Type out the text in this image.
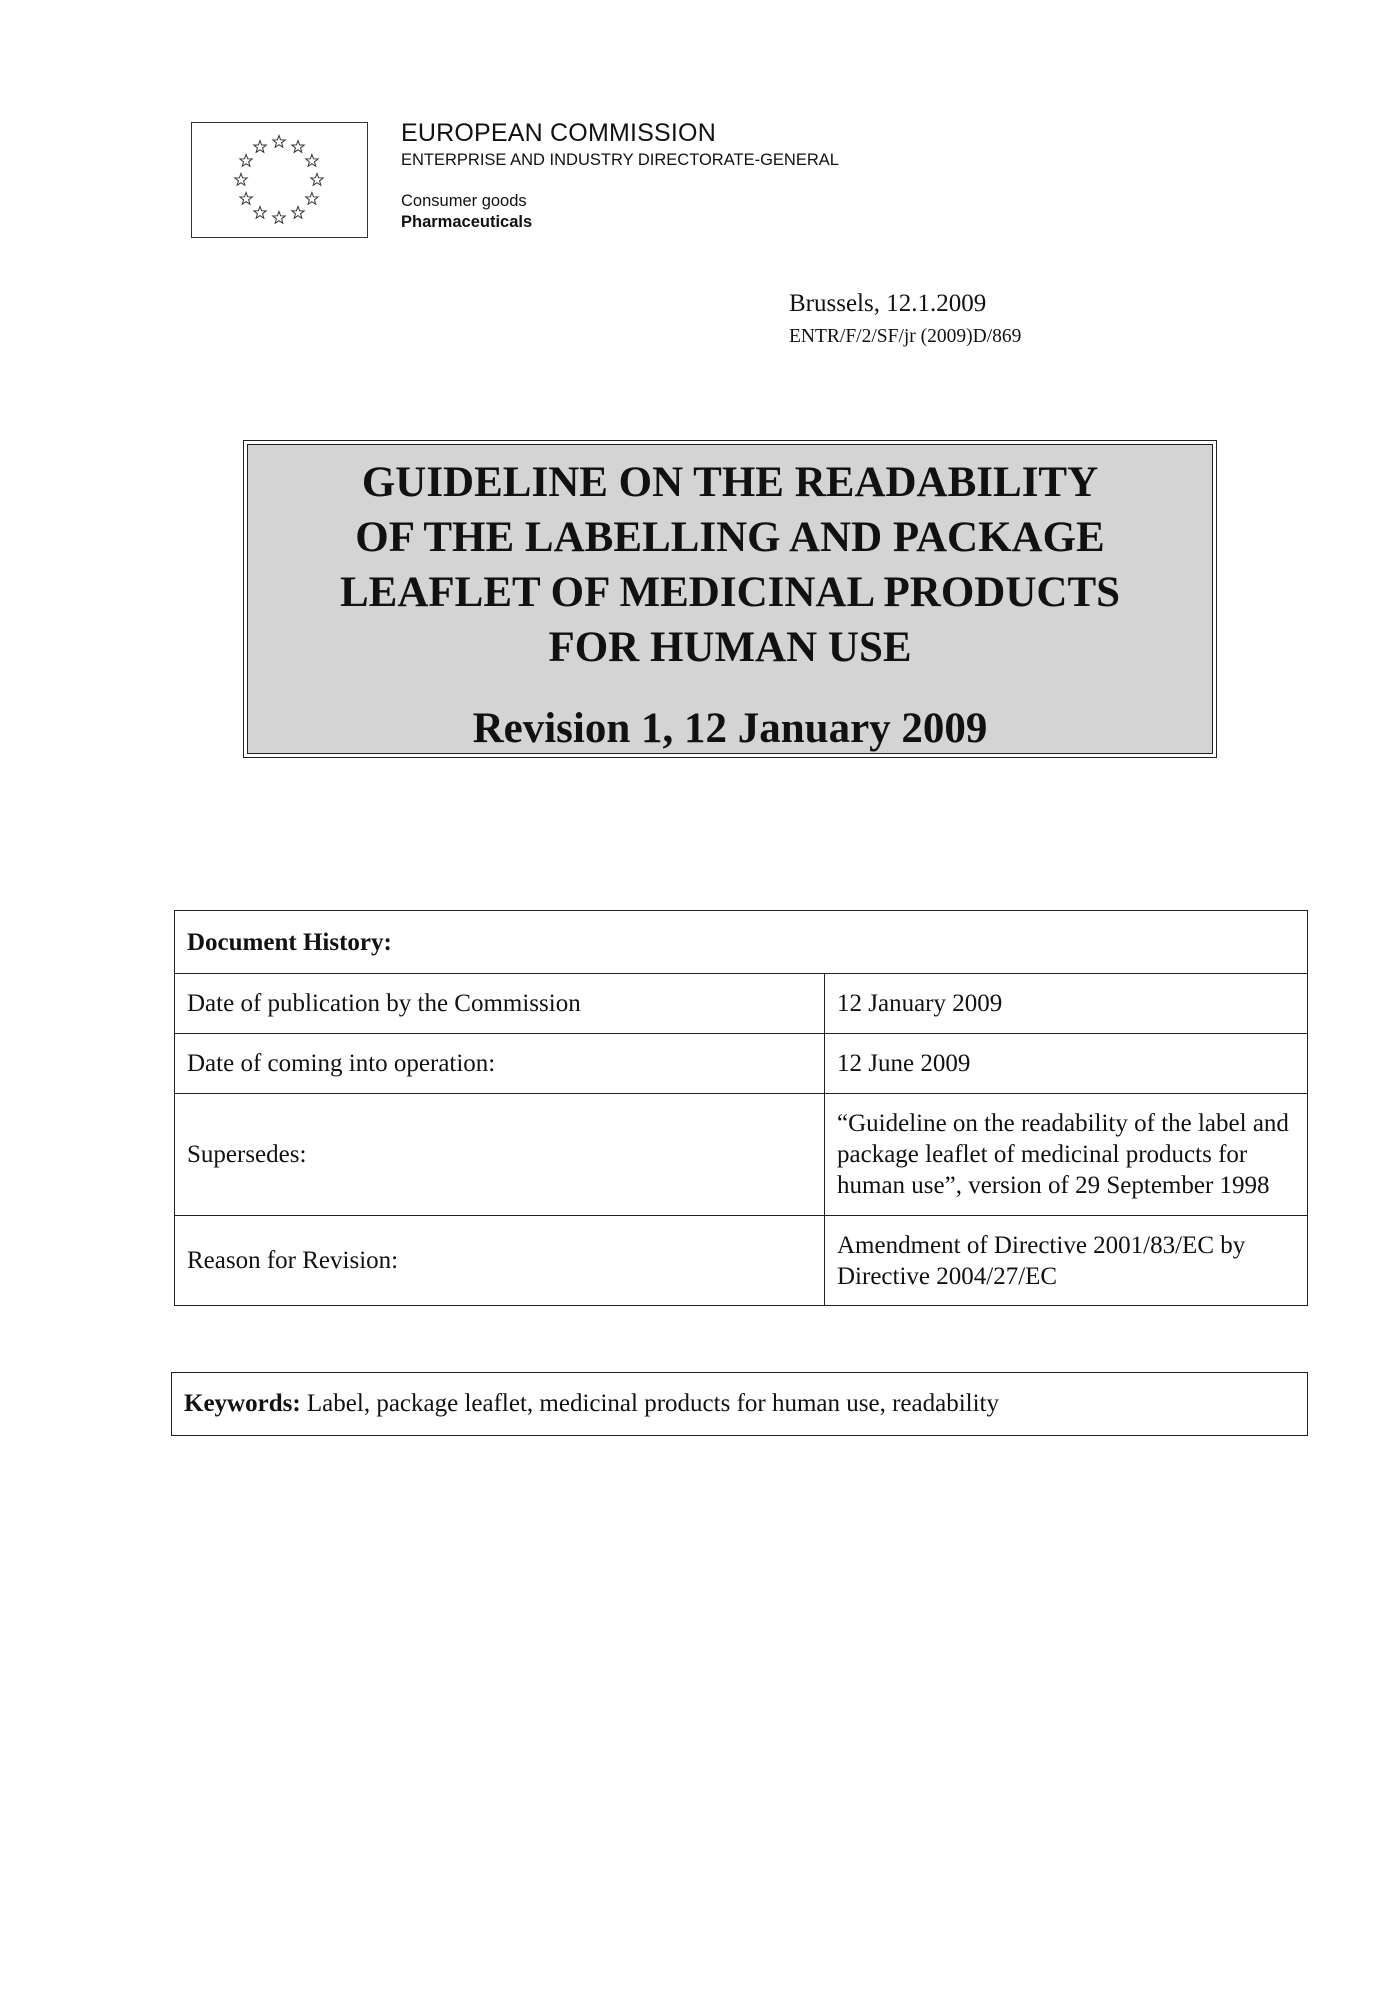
EUROPEAN COMMISSION
ENTERPRISE AND INDUSTRY DIRECTORATE-GENERAL
Consumer goods
Pharmaceuticals
Brussels, 12.1.2009
ENTR/F/2/SF/jr (2009)D/869
GUIDELINE ON THE READABILITY
OF THE LABELLING AND PACKAGE
LEAFLET OF MEDICINAL PRODUCTS
FOR HUMAN USE
Revision 1, 12 January 2009
Document History:	
Date of publication by the Commission	12 January 2009
Date of coming into operation:	12 June 2009
Supersedes:	“Guideline on the readability of the label and
package leaflet of medicinal products for
human use”, version of 29 September 1998
Reason for Revision:	Amendment of Directive 2001/83/EC by
Directive 2004/27/EC
Keywords: Label, package leaflet, medicinal products for human use, readability
